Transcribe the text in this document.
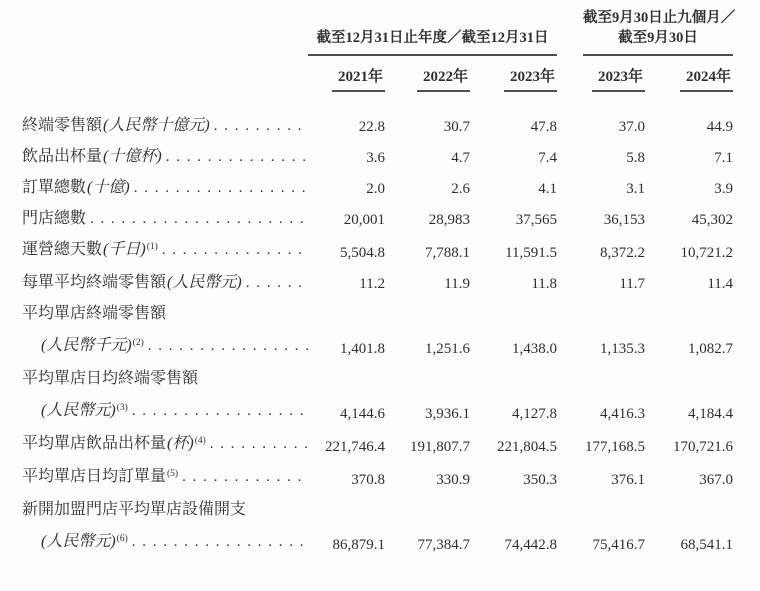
	截至12月31日止年度／截至12月31日				截至9月30日止九個月／
截至9月30日	

	2021年	2022年	2023年		2023年	2024年

終端零售額 (人民幣十億元)
. . .	22.8	30.7	47.8		37.0	44.9

飲品出杯量 (十億杯)
. . .	3.6	4.7	7.4		5.8	7.1

訂單總數 (十億)
. . .	2.0	2.6	4.1		3.1	3.9

門店總數
. . .	20,001	28,983	37,565		36,153	45,302

運營總天數 (千日) (1)
. . .	5,504.8	7,788.1	11,591.5		8,372.2	10,721.2

每單平均終端零售額 (人民幣元)
. . .	11.2	11.9	11.8		11.7	11.4

平均單店終端零售額
(人民幣千元) (2)
. . .	1,401.8	1,251.6	1,438.0		1,135.3	1,082.7

平均單店日均終端零售額
(人民幣元) (3)
. . .	4,144.6	3,936.1	4,127.8		4,416.3	4,184.4

平均單店飲品出杯量 (杯) (4)
. . .	221,746.4	191,807.7	221,804.5		177,168.5	170,721.6

平均單店日均訂單量 (5)
. . .	370.8	330.9	350.3		376.1	367.0

新開加盟門店平均單店設備開支
(人民幣元) (6)
. . .	86,879.1	77,384.7	74,442.8		75,416.7	68,541.1
